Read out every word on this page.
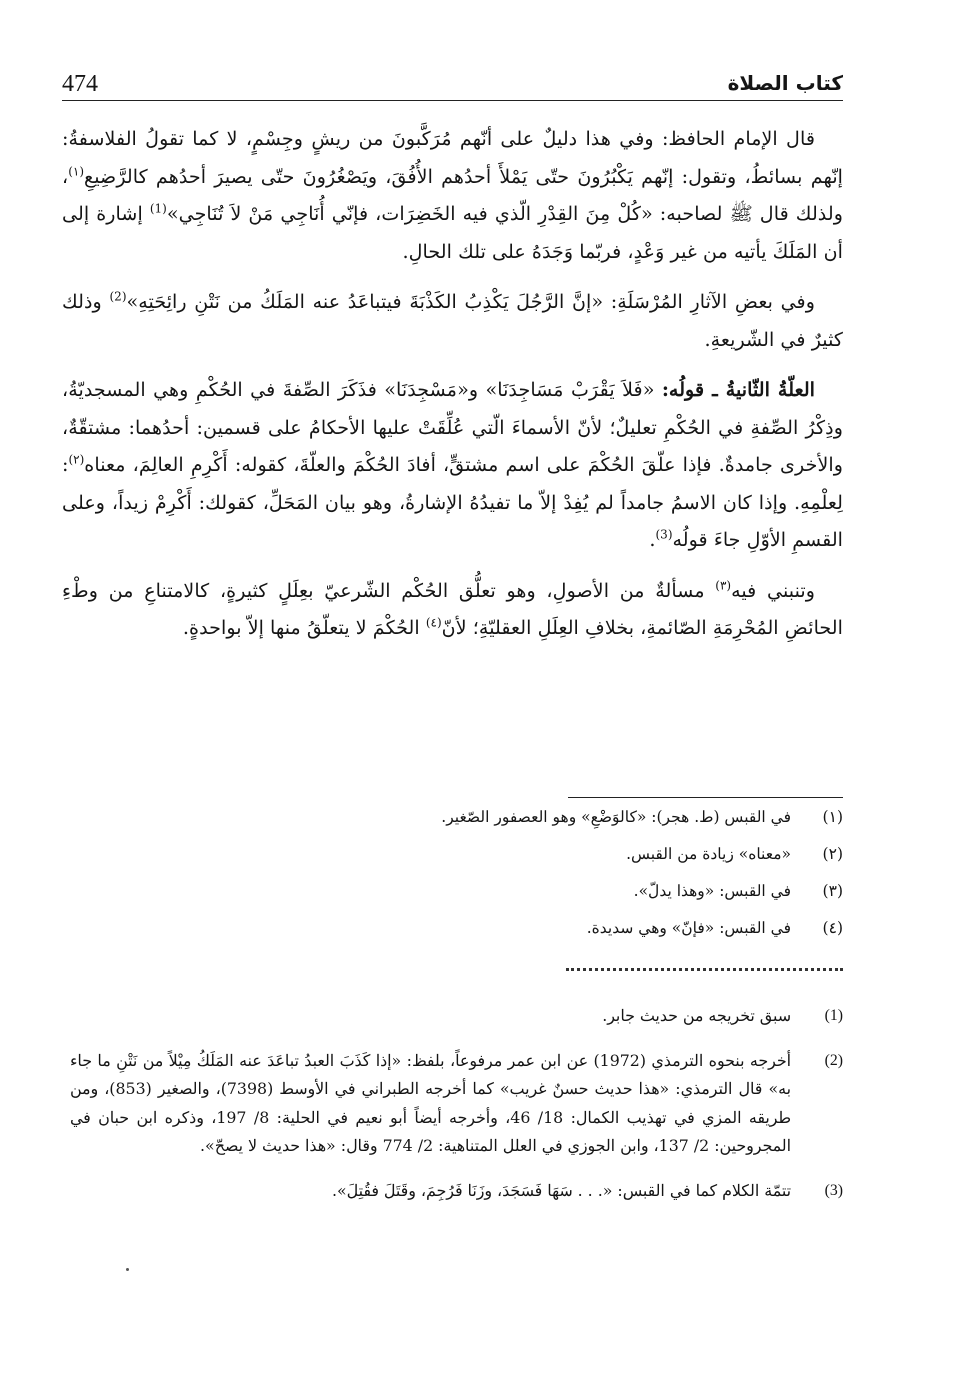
474	كتاب الصلاة

قال الإمام الحافظ: وفي هذا دليلٌ على أنّهم مُرَكَّبونَ من ريشٍ وجِسْمٍ، لا كما تقولُ الفلاسفةُ: إنّهم بسائطُ، وتقول: إنّهم يَكْبُرُونَ حتّى يَمْلأَ أحدُهم الأُفُقَ، ويَصْغُرُونَ حتّى يصيرَ أحدُهم كالرَّضِيعِ$^{(١)}$، ولذلك قال ﷺ لصاحبه: «كُلْ مِنَ القِدْرِ الّذي فيه الخَضِرَات، فإنّي أُنَاجِي مَنْ لاَ تُنَاجِي»$^{(1)}$ إشارة إلى أن المَلَكَ يأتيه من غير وَعْدٍ، فربّما وَجَدَهُ على تلك الحالِ.

وفي بعضِ الآثارِ المُرْسَلَةِ: «إنَّ الرَّجُلَ يَكْذِبُ الكَذْبَةَ فيتباعَدُ عنه المَلَكُ من نَتْنِ رائِحَتِهِ»$^{(2)}$ وذلك كثيرٌ في الشّريعةِ.

العلّةُ الثّانيةُ ـ قولُه: «فَلاَ يَقْرَبْ مَسَاجِدَنَا» و«مَسْجِدَنَا» فذَكَرَ الصِّفةَ في الحُكْمِ وهي المسجديّةُ، وذِكْرُ الصِّفةِ في الحُكْمِ تعليلٌ؛ لأنّ الأسماءَ الّتي عُلِّقَتْ عليها الأحكامُ على قسمين: أحدُهما: مشتقّةٌ، والأخرى جامدةٌ. فإذا علّقَ الحُكْمَ على اسم مشتقٍّ، أفادَ الحُكْمَ والعلّةَ، كقوله: أَكْرِمِ العالِمَ، معناه$^{(٢)}$: لِعلْمِهِ. وإذا كان الاسمُ جامداً لم يُفِدْ إلاّ ما تفيدُهُ الإشارةُ، وهو بيان المَحَلِّ، كقولك: أَكْرِمْ زيداً، وعلى القسمِ الأوّلِ جاءَ قولُه$^{(3)}$.

وتنبني فيه$^{(٣)}$ مسألةٌ من الأصولِ، وهو تعلُّق الحُكْم الشّرعيّ بعِلَلٍ كثيرةٍ، كالامتناعِ من وطْءِ الحائضِ المُحْرِمَةِ الصّائمةِ، بخلافِ العِلَلِ العقليّةِ؛ لأنّ$^{(٤)}$ الحُكْمَ لا يتعلّقُ منها إلاّ بواحدةٍ.

(١)
في القبس (ط. هجر): «كالوَضْعِ» وهو العصفور الصّغير.
(٢)
«معناه» زيادة من القبس.
(٣)
في القبس: «وهذا يدلّ».
(٤)
في القبس: «فإنّ» وهي سديدة.
(1)
سبق تخريجه من حديث جابر.
(2)
أخرجه بنحوه الترمذي (1972) عن ابن عمر مرفوعاً، بلفظ: «إذا كَذَبَ العبدُ تباعَدَ عنه المَلَكُ مِيْلاً من نَتْنِ ما جاء به» قال الترمذي: «هذا حديث حسنٌ غريب» كما أخرجه الطبراني في الأوسط (7398)، والصغير (853)، ومن طريقه المزي في تهذيب الكمال: 18/ 46، وأخرجه أيضاً أبو نعيم في الحلية: 8/ 197، وذكره ابن حبان في المجروحين: 2/ 137، وابن الجوزي في العلل المتناهية: 2/ 774 وقال: «هذا حديث لا يصحّ».
(3)
تتمّة الكلام كما في القبس: «. . . سَهَا فَسَجَدَ، وزَنَا فَرُجِمَ، وقَتَلَ فقُتِلَ».
